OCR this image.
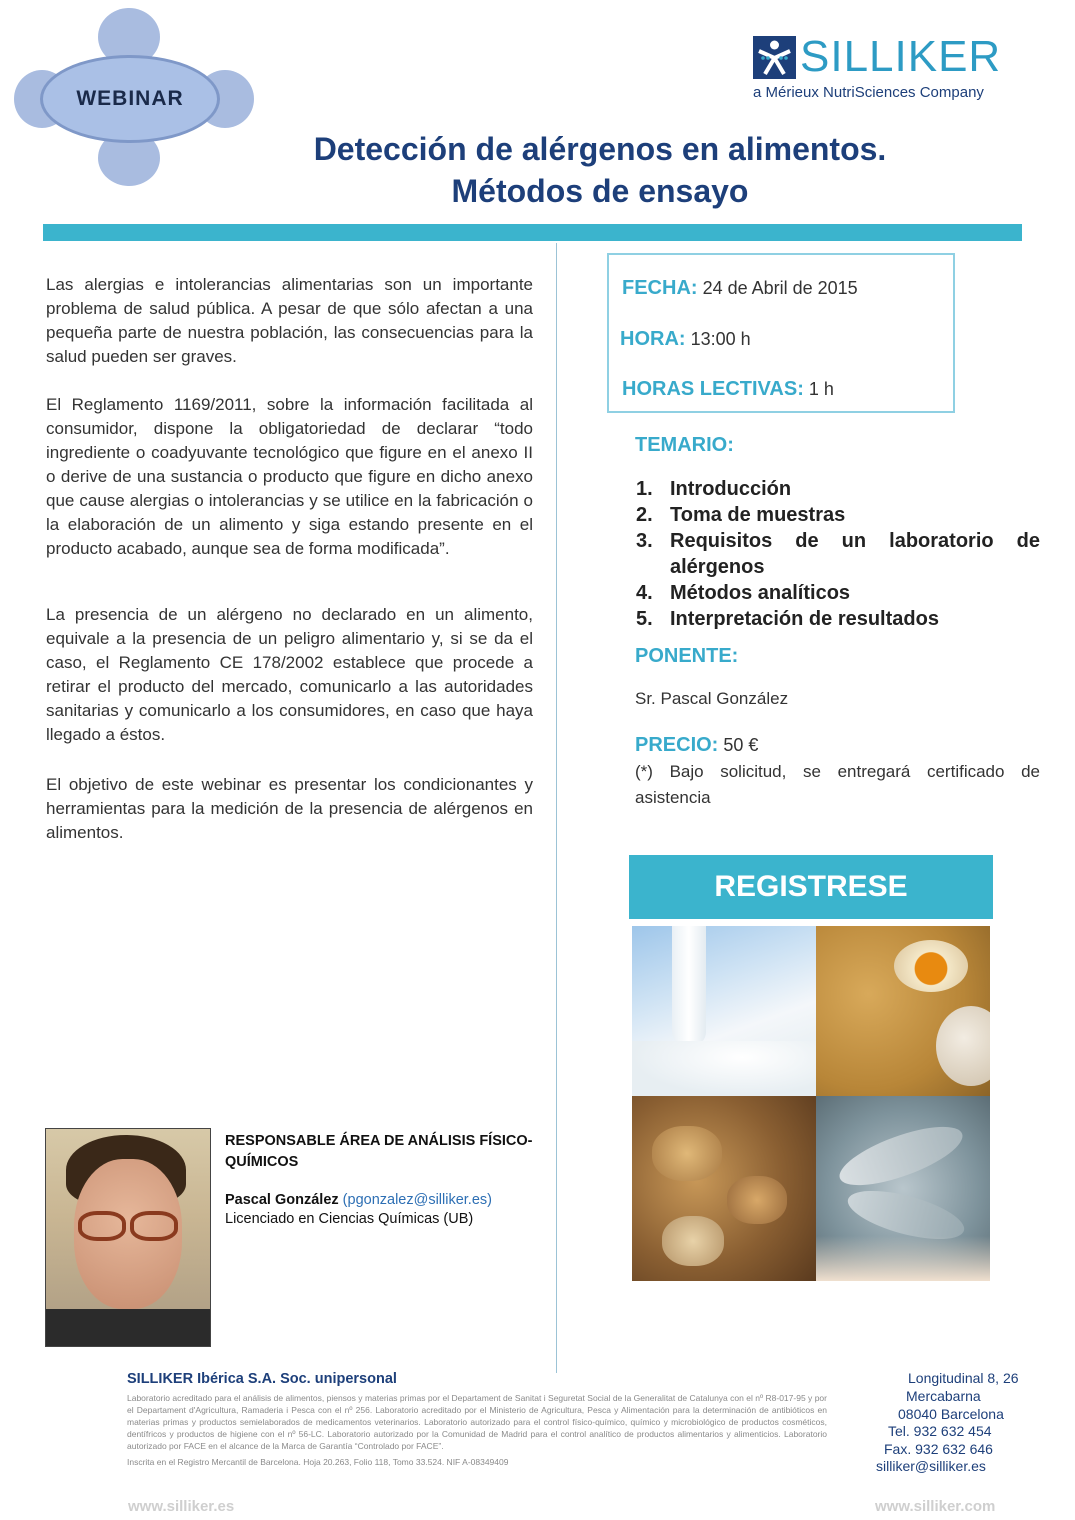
WEBINAR
SILLIKER
a Mérieux NutriSciences Company
Detección de alérgenos en alimentos.
Métodos de ensayo

Las alergias e intolerancias alimentarias son un importante problema de salud pública. A pesar de que sólo afectan a una pequeña parte de nuestra población, las consecuencias para la salud pueden ser graves.

El Reglamento 1169/2011, sobre la información facilitada al consumidor, dispone la obligatoriedad de declarar “todo ingrediente o coadyuvante tecnológico que figure en el anexo II o derive de una sustancia o producto que figure en dicho anexo que cause alergias o intolerancias y se utilice en la fabricación o la elaboración de un alimento y siga estando presente en el producto acabado, aunque sea de forma modificada”.

La presencia de un alérgeno no declarado en un alimento, equivale a la presencia de un peligro alimentario y, si se da el caso, el Reglamento CE 178/2002 establece que procede a retirar el producto del mercado, comunicarlo a las autoridades sanitarias y comunicarlo a los consumidores, en caso que haya llegado a éstos.

El objetivo de este webinar es presentar los condicionantes y herramientas para la medición de la presencia de alérgenos en alimentos.

FECHA: 24 de Abril de 2015
HORA: 13:00 h
HORAS LECTIVAS: 1 h
TEMARIO:
1. Introducción
2. Toma de muestras
3. Requisitos de un laboratorio de alérgenos
4. Métodos analíticos
5. Interpretación de resultados
PONENTE:
Sr. Pascal González
PRECIO: 50 €
(*) Bajo solicitud, se entregará certificado de asistencia
REGISTRESE
RESPONSABLE ÁREA DE ANÁLISIS FÍSICO-QUÍMICOS
Pascal González (pgonzalez@silliker.es)
Licenciado en Ciencias Químicas (UB)
SILLIKER Ibérica S.A. Soc. unipersonal
Laboratorio acreditado para el análisis de alimentos, piensos y materias primas por el Departament de Sanitat i Seguretat Social de la Generalitat de Catalunya con el nº R8-017-95 y por el Departament d'Agricultura, Ramaderia i Pesca con el nº 256. Laboratorio acreditado por el Ministerio de Agricultura, Pesca y Alimentación para la determinación de antibióticos en materias primas y productos semielaborados de medicamentos veterinarios. Laboratorio autorizado para el control físico-químico, químico y microbiológico de productos cosméticos, dentífricos y productos de higiene con el nº 56-LC. Laboratorio autorizado por la Comunidad de Madrid para el control analítico de productos alimentarios y alimenticios. Laboratorio autorizado por FACE en el alcance de la Marca de Garantía “Controlado por FACE”.
Inscrita en el Registro Mercantil de Barcelona. Hoja 20.263, Folio 118, Tomo 33.524. NIF A-08349409
Longitudinal 8, 26
Mercabarna
08040 Barcelona
Tel. 932 632 454
Fax. 932 632 646
silliker@silliker.es
www.silliker.es	www.silliker.com
